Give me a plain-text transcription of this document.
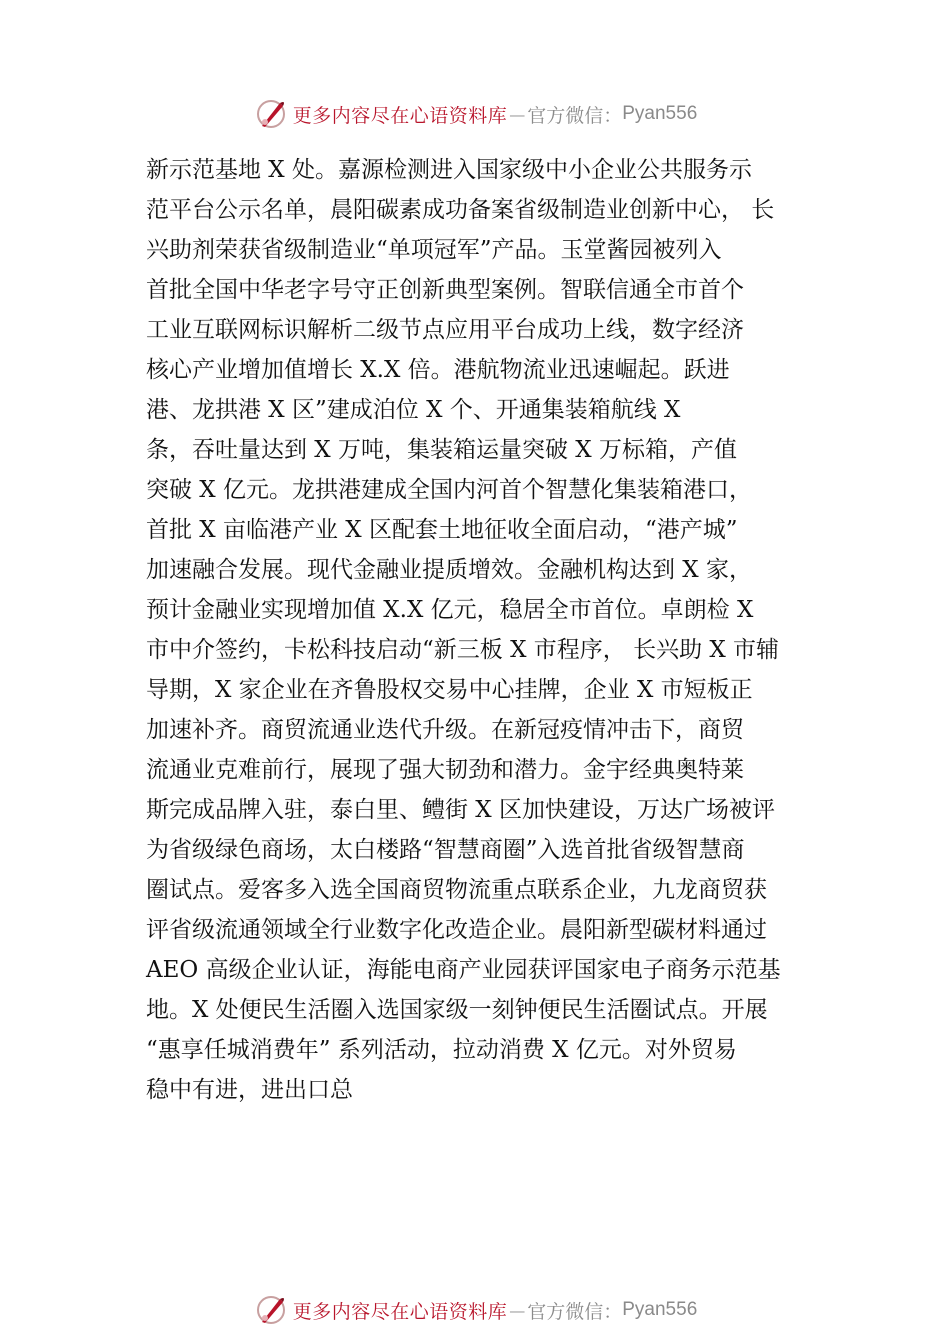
更多内容尽在心语资料库 — 官方微信： Pyan556
新示范基地 X 处。嘉源检测进入国家级中小企业公共服务示
范平台公示名单，晨阳碳素成功备案省级制造业创新中心， 长
兴助剂荣获省级制造业“单项冠军”产品。玉堂酱园被列入
首批全国中华老字号守正创新典型案例。智联信通全市首个
工业互联网标识解析二级节点应用平台成功上线，数字经济
核心产业增加值增长 X.X 倍。港航物流业迅速崛起。跃进
港、龙拱港 X 区”建成泊位 X 个、开通集装箱航线 X
条，吞吐量达到 X 万吨，集装箱运量突破 X 万标箱，产值
突破 X 亿元。龙拱港建成全国内河首个智慧化集装箱港口，
首批 X 亩临港产业 X 区配套土地征收全面启动，“港产城”
加速融合发展。现代金融业提质增效。金融机构达到 X 家，
预计金融业实现增加值 X.X 亿元，稳居全市首位。卓朗检 X
市中介签约，卡松科技启动“新三板 X 市程序， 长兴助 X 市辅
导期，X 家企业在齐鲁股权交易中心挂牌，企业 X 市短板正
加速补齐。商贸流通业迭代升级。在新冠疫情冲击下，商贸
流通业克难前行，展现了强大韧劲和潜力。金宇经典奥特莱
斯完成品牌入驻，泰白里、鳢街 X 区加快建设，万达广场被评
为省级绿色商场，太白楼路“智慧商圈”入选首批省级智慧商
圈试点。爱客多入选全国商贸物流重点联系企业，九龙商贸获
评省级流通领域全行业数字化改造企业。晨阳新型碳材料通过
AEO 高级企业认证，海能电商产业园获评国家电子商务示范基
地。X 处便民生活圈入选国家级一刻钟便民生活圈试点。开展
“惠享任城消费年” 系列活动，拉动消费 X 亿元。对外贸易
稳中有进，进出口总
更多内容尽在心语资料库 — 官方微信： Pyan556
